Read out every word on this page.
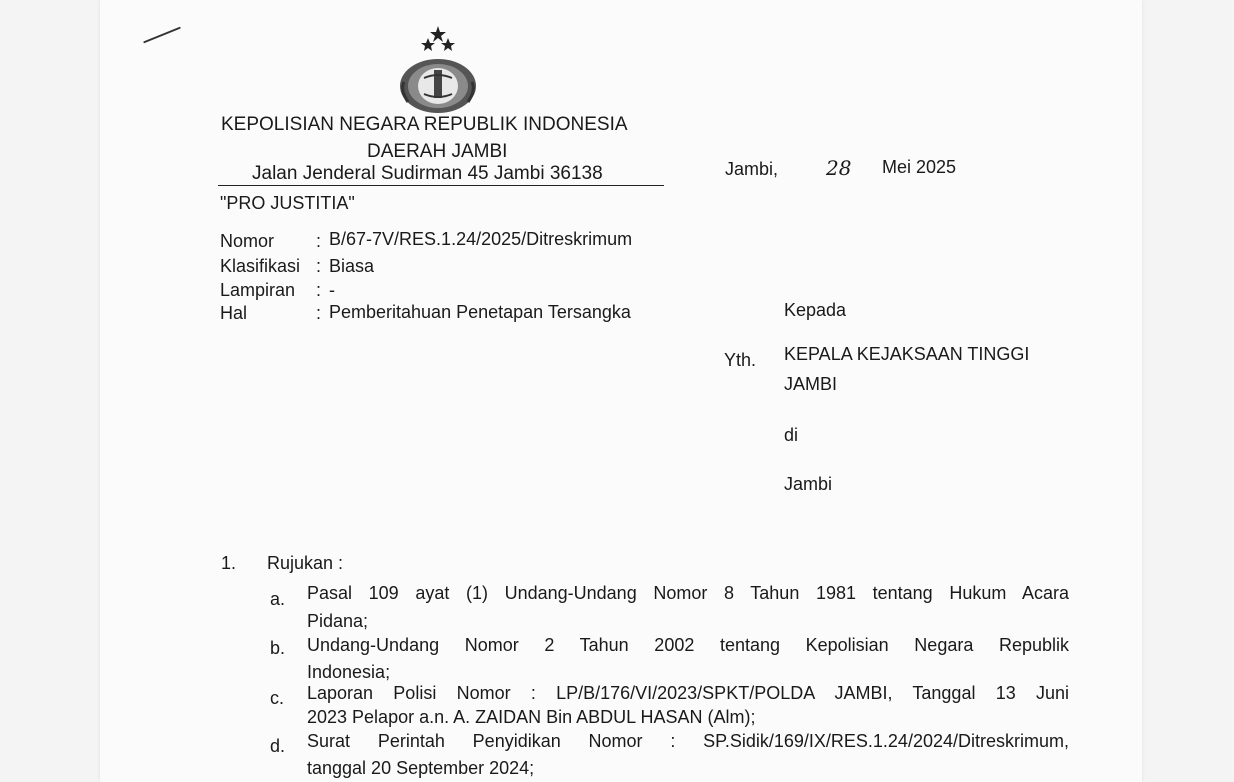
KEPOLISIAN NEGARA REPUBLIK INDONESIA
DAERAH JAMBI
Jalan Jenderal Sudirman 45 Jambi 36138
"PRO JUSTITIA"
Jambi, 28 Mei 2025
Nomor : B/67-7V/RES.1.24/2025/Ditreskrimum
Klasifikasi : Biasa
Lampiran : -
Hal	: Pemberitahuan Penetapan Tersangka	Kepada
Yth. KEPALA KEJAKSAAN TINGGI
JAMBI
di
Jambi
1. Rujukan :
a. Pasal 109 ayat (1) Undang-Undang Nomor 8 Tahun 1981 tentang Hukum Acara
Pidana;
b. Undang-Undang Nomor 2 Tahun 2002 tentang Kepolisian Negara Republik
Indonesia;
c. Laporan Polisi Nomor : LP/B/176/VI/2023/SPKT/POLDA JAMBI, Tanggal 13 Juni
2023 Pelapor a.n. A. ZAIDAN Bin ABDUL HASAN (Alm);
d. Surat Perintah Penyidikan Nomor : SP.Sidik/169/IX/RES.1.24/2024/Ditreskrimum,
tanggal 20 September 2024;
